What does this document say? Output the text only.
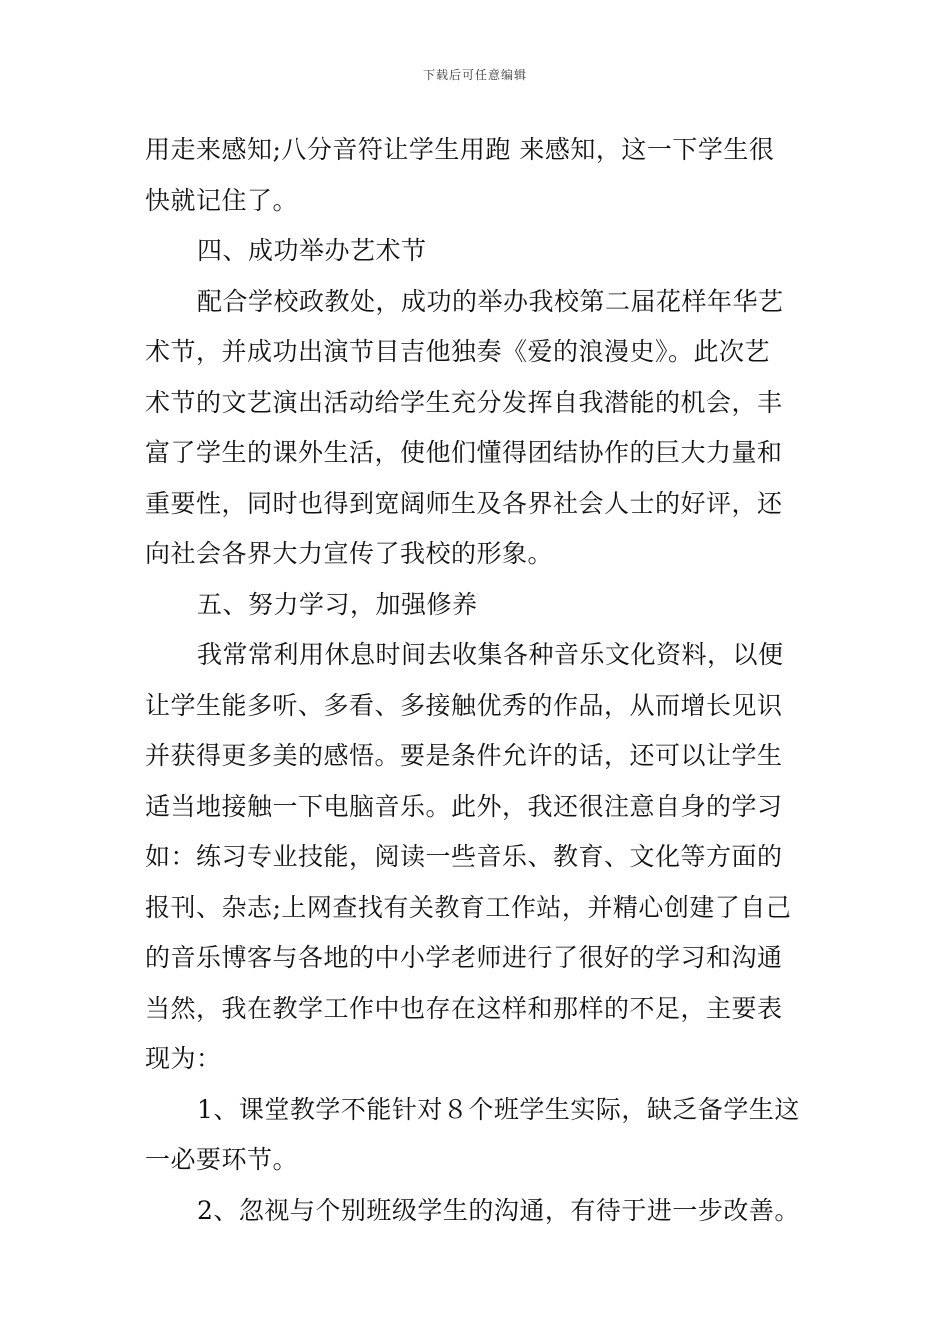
下载后可任意编辑
用走来感知;八分音符让学生用跑 来感知，这一下学生很
快就记住了。
四、成功举办艺术节
配合学校政教处，成功的举办我校第二届花样年华艺
术节，并成功出演节目吉他独奏《爱的浪漫史》。此次艺
术节的文艺演出活动给学生充分发挥自我潜能的机会，丰
富了学生的课外生活，使他们懂得团结协作的巨大力量和
重要性，同时也得到宽阔师生及各界社会人士的好评，还
向社会各界大力宣传了我校的形象。
五、努力学习，加强修养
我常常利用休息时间去收集各种音乐文化资料，以便
让学生能多听、多看、多接触优秀的作品，从而增长见识
并获得更多美的感悟。要是条件允许的话，还可以让学生
适当地接触一下电脑音乐。此外，我还很注意自身的学习
如：练习专业技能，阅读一些音乐、教育、文化等方面的
报刊、杂志;上网查找有关教育工作站，并精心创建了自己
的音乐博客与各地的中小学老师进行了很好的学习和沟通
当然，我在教学工作中也存在这样和那样的不足，主要表
现为：
1、课堂教学不能针对８个班学生实际，缺乏备学生这
一必要环节。
2、忽视与个别班级学生的沟通，有待于进一步改善。
